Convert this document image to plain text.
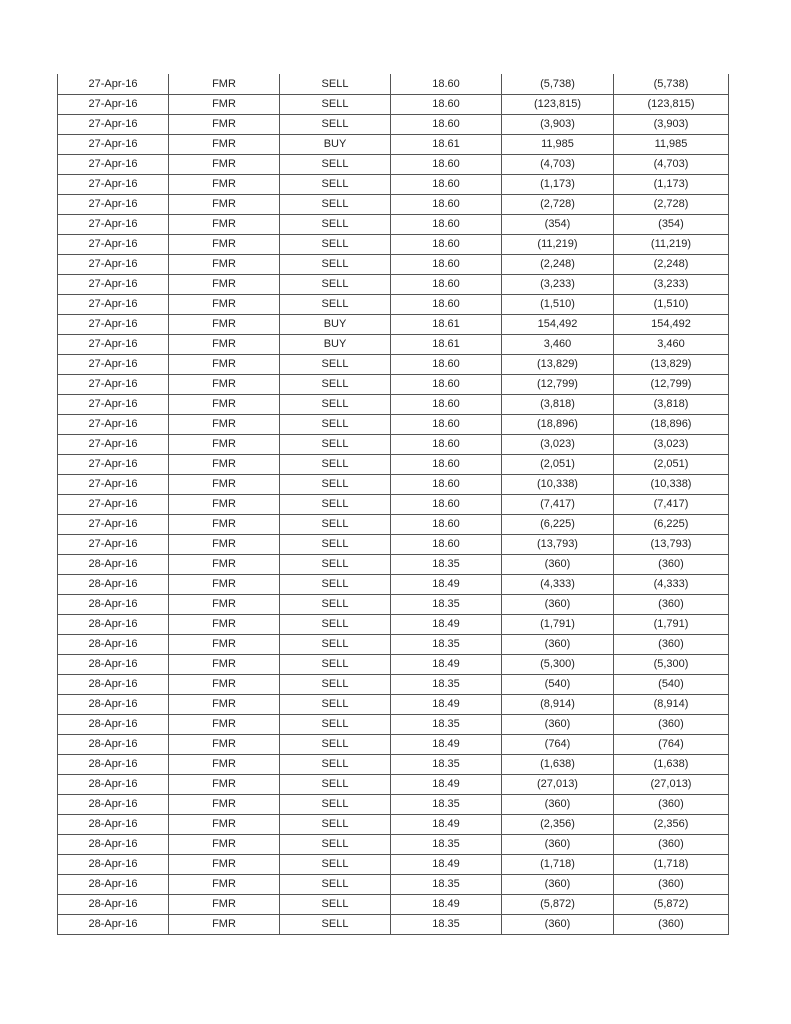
27-Apr-16	FMR	SELL	18.60	(5,738)	(5,738)
27-Apr-16	FMR	SELL	18.60	(123,815)	(123,815)
27-Apr-16	FMR	SELL	18.60	(3,903)	(3,903)
27-Apr-16	FMR	BUY	18.61	11,985	11,985
27-Apr-16	FMR	SELL	18.60	(4,703)	(4,703)
27-Apr-16	FMR	SELL	18.60	(1,173)	(1,173)
27-Apr-16	FMR	SELL	18.60	(2,728)	(2,728)
27-Apr-16	FMR	SELL	18.60	(354)	(354)
27-Apr-16	FMR	SELL	18.60	(11,219)	(11,219)
27-Apr-16	FMR	SELL	18.60	(2,248)	(2,248)
27-Apr-16	FMR	SELL	18.60	(3,233)	(3,233)
27-Apr-16	FMR	SELL	18.60	(1,510)	(1,510)
27-Apr-16	FMR	BUY	18.61	154,492	154,492
27-Apr-16	FMR	BUY	18.61	3,460	3,460
27-Apr-16	FMR	SELL	18.60	(13,829)	(13,829)
27-Apr-16	FMR	SELL	18.60	(12,799)	(12,799)
27-Apr-16	FMR	SELL	18.60	(3,818)	(3,818)
27-Apr-16	FMR	SELL	18.60	(18,896)	(18,896)
27-Apr-16	FMR	SELL	18.60	(3,023)	(3,023)
27-Apr-16	FMR	SELL	18.60	(2,051)	(2,051)
27-Apr-16	FMR	SELL	18.60	(10,338)	(10,338)
27-Apr-16	FMR	SELL	18.60	(7,417)	(7,417)
27-Apr-16	FMR	SELL	18.60	(6,225)	(6,225)
27-Apr-16	FMR	SELL	18.60	(13,793)	(13,793)
28-Apr-16	FMR	SELL	18.35	(360)	(360)
28-Apr-16	FMR	SELL	18.49	(4,333)	(4,333)
28-Apr-16	FMR	SELL	18.35	(360)	(360)
28-Apr-16	FMR	SELL	18.49	(1,791)	(1,791)
28-Apr-16	FMR	SELL	18.35	(360)	(360)
28-Apr-16	FMR	SELL	18.49	(5,300)	(5,300)
28-Apr-16	FMR	SELL	18.35	(540)	(540)
28-Apr-16	FMR	SELL	18.49	(8,914)	(8,914)
28-Apr-16	FMR	SELL	18.35	(360)	(360)
28-Apr-16	FMR	SELL	18.49	(764)	(764)
28-Apr-16	FMR	SELL	18.35	(1,638)	(1,638)
28-Apr-16	FMR	SELL	18.49	(27,013)	(27,013)
28-Apr-16	FMR	SELL	18.35	(360)	(360)
28-Apr-16	FMR	SELL	18.49	(2,356)	(2,356)
28-Apr-16	FMR	SELL	18.35	(360)	(360)
28-Apr-16	FMR	SELL	18.49	(1,718)	(1,718)
28-Apr-16	FMR	SELL	18.35	(360)	(360)
28-Apr-16	FMR	SELL	18.49	(5,872)	(5,872)
28-Apr-16	FMR	SELL	18.35	(360)	(360)
